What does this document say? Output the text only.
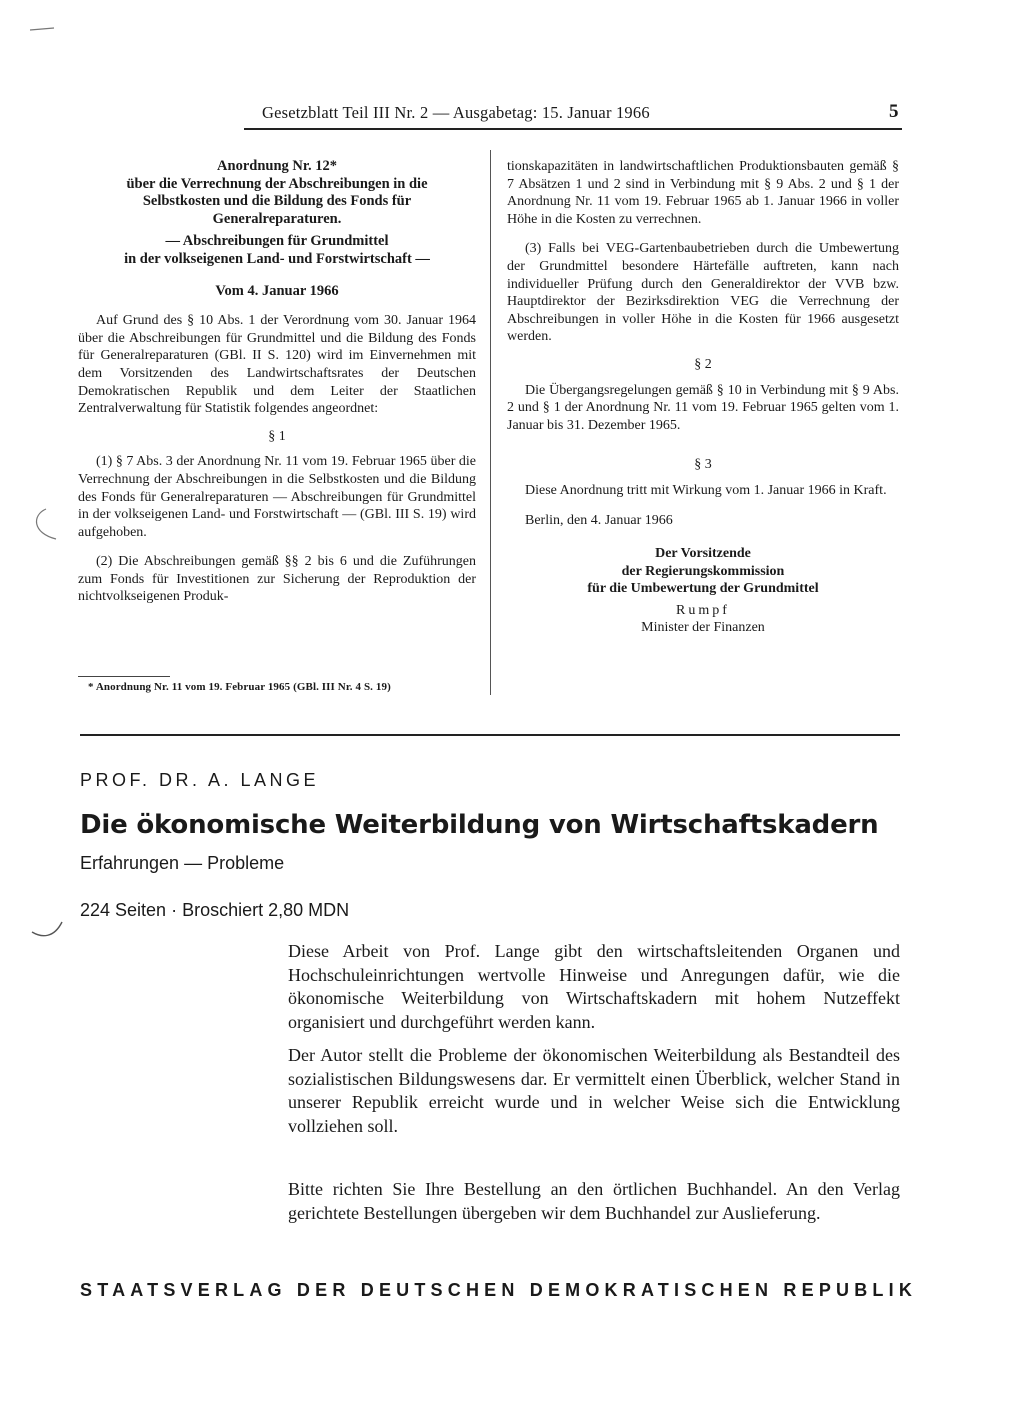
Gesetzblatt Teil III Nr. 2 — Ausgabetag: 15. Januar 1966	5
Anordnung Nr. 12*
über die Verrechnung der Abschreibungen in die
Selbstkosten und die Bildung des Fonds für
Generalreparaturen.
— Abschreibungen für Grundmittel
in der volkseigenen Land- und Forstwirtschaft —
Vom 4. Januar 1966

Auf Grund des § 10 Abs. 1 der Verordnung vom 30. Januar 1964 über die Abschreibungen für Grundmittel und die Bildung des Fonds für Generalreparaturen (GBl. II S. 120) wird im Einvernehmen mit dem Vorsitzenden des Landwirtschaftsrates der Deutschen Demokratischen Republik und dem Leiter der Staatlichen Zentralverwaltung für Statistik folgendes angeordnet:

§ 1

(1) § 7 Abs. 3 der Anordnung Nr. 11 vom 19. Februar 1965 über die Verrechnung der Abschreibungen in die Selbstkosten und die Bildung des Fonds für Generalreparaturen — Abschreibungen für Grundmittel in der volkseigenen Land- und Forstwirtschaft — (GBl. III S. 19) wird aufgehoben.

(2) Die Abschreibungen gemäß §§ 2 bis 6 und die Zuführungen zum Fonds für Investitionen zur Sicherung der Reproduktion der nichtvolkseigenen Produk-

tionskapazitäten in landwirtschaftlichen Produktionsbauten gemäß § 7 Absätzen 1 und 2 sind in Verbindung mit § 9 Abs. 2 und § 1 der Anordnung Nr. 11 vom 19. Februar 1965 ab 1. Januar 1966 in voller Höhe in die Kosten zu verrechnen.

(3) Falls bei VEG-Gartenbaubetrieben durch die Umbewertung der Grundmittel besondere Härtefälle auftreten, kann nach individueller Prüfung durch den Generaldirektor der VVB bzw. Hauptdirektor der Bezirksdirektion VEG die Verrechnung der Abschreibungen in voller Höhe in die Kosten für 1966 ausgesetzt werden.

§ 2

Die Übergangsregelungen gemäß § 10 in Verbindung mit § 9 Abs. 2 und § 1 der Anordnung Nr. 11 vom 19. Februar 1965 gelten vom 1. Januar bis 31. Dezember 1965.

§ 3

Diese Anordnung tritt mit Wirkung vom 1. Januar 1966 in Kraft.

Berlin, den 4. Januar 1966

Der Vorsitzende
der Regierungskommission
für die Umbewertung der Grundmittel
Rumpf
Minister der Finanzen
* Anordnung Nr. 11 vom 19. Februar 1965 (GBl. III Nr. 4 S. 19)
PROF. DR. A. LANGE
Die ökonomische Weiterbildung von Wirtschaftskadern
Erfahrungen — Probleme
224 Seiten · Broschiert 2,80 MDN

Diese Arbeit von Prof. Lange gibt den wirtschaftsleitenden Organen und Hochschuleinrichtungen wertvolle Hinweise und Anregungen dafür, wie die ökonomische Weiterbildung von Wirtschaftskadern mit hohem Nutzeffekt organisiert und durchgeführt werden kann.

Der Autor stellt die Probleme der ökonomischen Weiterbildung als Bestandteil des sozialistischen Bildungswesens dar. Er vermittelt einen Überblick, welcher Stand in unserer Republik erreicht wurde und in welcher Weise sich die Entwicklung vollziehen soll.

Bitte richten Sie Ihre Bestellung an den örtlichen Buchhandel. An den Verlag gerichtete Bestellungen übergeben wir dem Buchhandel zur Auslieferung.

STAATSVERLAG DER DEUTSCHEN DEMOKRATISCHEN REPUBLIK
